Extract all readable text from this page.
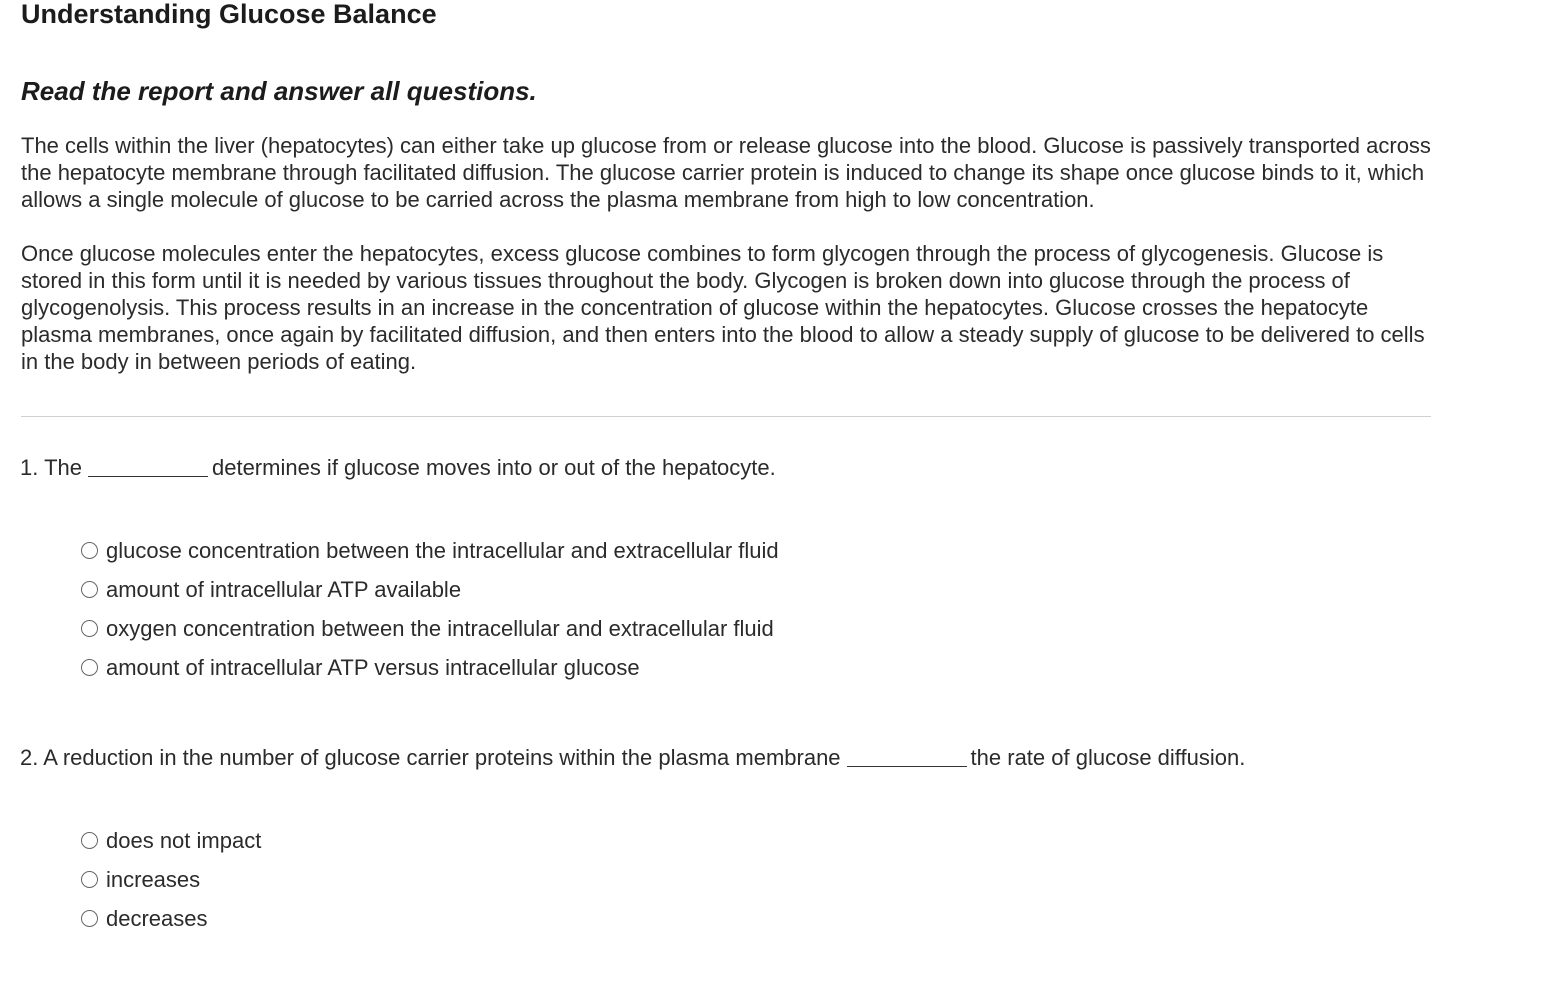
Understanding Glucose Balance
Read the report and answer all questions.

The cells within the liver (hepatocytes) can either take up glucose from or release glucose into the blood. Glucose is passively transported across the hepatocyte membrane through facilitated diffusion. The glucose carrier protein is induced to change its shape once glucose binds to it, which allows a single molecule of glucose to be carried across the plasma membrane from high to low concentration.

Once glucose molecules enter the hepatocytes, excess glucose combines to form glycogen through the process of glycogenesis. Glucose is stored in this form until it is needed by various tissues throughout the body. Glycogen is broken down into glucose through the process of glycogenolysis. This process results in an increase in the concentration of glucose within the hepatocytes. Glucose crosses the hepatocyte plasma membranes, once again by facilitated diffusion, and then enters into the blood to allow a steady supply of glucose to be delivered to cells in the body in between periods of eating.

1. The	determines if glucose moves into or out of the hepatocyte.
glucose concentration between the intracellular and extracellular fluid
amount of intracellular ATP available
oxygen concentration between the intracellular and extracellular fluid
amount of intracellular ATP versus intracellular glucose
2. A reduction in the number of glucose carrier proteins within the plasma membrane	the rate of glucose diffusion.
does not impact
increases
decreases
